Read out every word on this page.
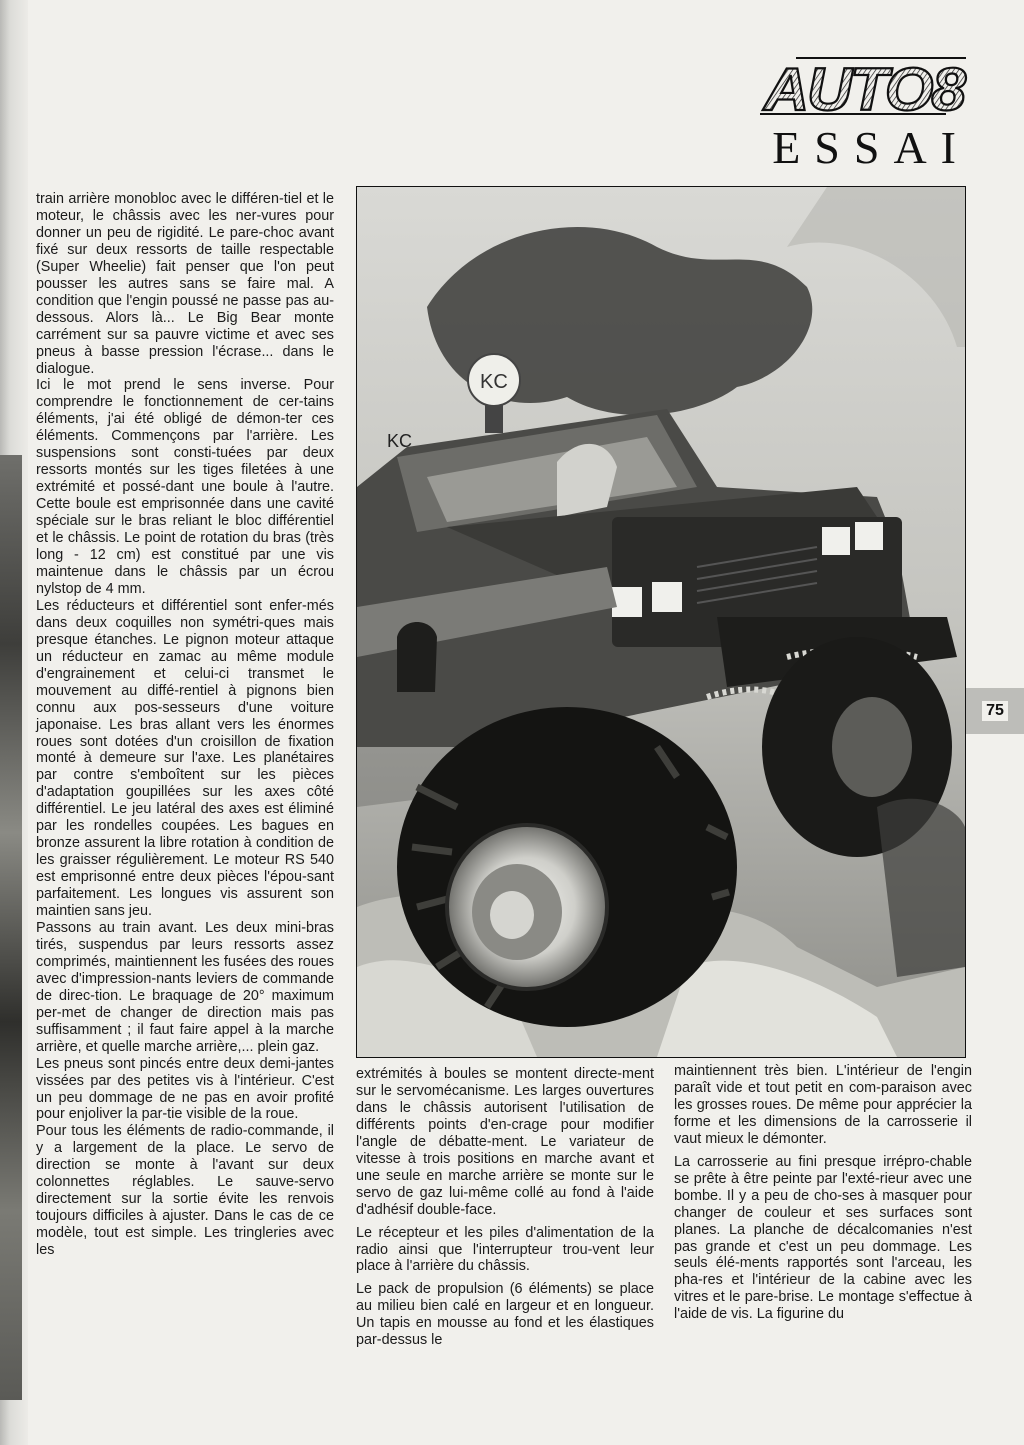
AUTO8
ESSAI

train arrière monobloc avec le différen-tiel et le moteur, le châssis avec les ner-vures pour donner un peu de rigidité. Le pare-choc avant fixé sur deux ressorts de taille respectable (Super Wheelie) fait penser que l'on peut pousser les autres sans se faire mal. A condition que l'engin poussé ne passe pas au-dessous. Alors là... Le Big Bear monte carrément sur sa pauvre victime et avec ses pneus à basse pression l'écrase... dans le dialogue.

Ici le mot prend le sens inverse. Pour comprendre le fonctionnement de cer-tains éléments, j'ai été obligé de démon-ter ces éléments. Commençons par l'arrière. Les suspensions sont consti-tuées par deux ressorts montés sur les tiges filetées à une extrémité et possé-dant une boule à l'autre. Cette boule est emprisonnée dans une cavité spéciale sur le bras reliant le bloc différentiel et le châssis. Le point de rotation du bras (très long - 12 cm) est constitué par une vis maintenue dans le châssis par un écrou nylstop de 4 mm.

Les réducteurs et différentiel sont enfer-més dans deux coquilles non symétri-ques mais presque étanches. Le pignon moteur attaque un réducteur en zamac au même module d'engrainement et celui-ci transmet le mouvement au diffé-rentiel à pignons bien connu aux pos-sesseurs d'une voiture japonaise. Les bras allant vers les énormes roues sont dotées d'un croisillon de fixation monté à demeure sur l'axe. Les planétaires par contre s'emboîtent sur les pièces d'adaptation goupillées sur les axes côté différentiel. Le jeu latéral des axes est éliminé par les rondelles coupées. Les bagues en bronze assurent la libre rotation à condition de les graisser régulièrement. Le moteur RS 540 est emprisonné entre deux pièces l'épou-sant parfaitement. Les longues vis assurent son maintien sans jeu.

Passons au train avant. Les deux mini-bras tirés, suspendus par leurs ressorts assez comprimés, maintiennent les fusées des roues avec d'impression-nants leviers de commande de direc-tion. Le braquage de 20° maximum per-met de changer de direction mais pas suffisamment ; il faut faire appel à la marche arrière, et quelle marche arrière,... plein gaz.

Les pneus sont pincés entre deux demi-jantes vissées par des petites vis à l'intérieur. C'est un peu dommage de ne pas en avoir profité pour enjoliver la par-tie visible de la roue.

Pour tous les éléments de radio-commande, il y a largement de la place. Le servo de direction se monte à l'avant sur deux colonnettes réglables. Le sauve-servo directement sur la sortie évite les renvois toujours difficiles à ajuster. Dans le cas de ce modèle, tout est simple. Les tringleries avec les

KC
KC

extrémités à boules se montent directe-ment sur le servomécanisme. Les larges ouvertures dans le châssis autorisent l'utilisation de différents points d'en-crage pour modifier l'angle de débatte-ment. Le variateur de vitesse à trois positions en marche avant et une seule en marche arrière se monte sur le servo de gaz lui-même collé au fond à l'aide d'adhésif double-face.

Le récepteur et les piles d'alimentation de la radio ainsi que l'interrupteur trou-vent leur place à l'arrière du châssis.

Le pack de propulsion (6 éléments) se place au milieu bien calé en largeur et en longueur. Un tapis en mousse au fond et les élastiques par-dessus le

maintiennent très bien. L'intérieur de l'engin paraît vide et tout petit en com-paraison avec les grosses roues. De même pour apprécier la forme et les dimensions de la carrosserie il vaut mieux le démonter.

La carrosserie au fini presque irrépro-chable se prête à être peinte par l'exté-rieur avec une bombe. Il y a peu de cho-ses à masquer pour changer de couleur et ses surfaces sont planes. La planche de décalcomanies n'est pas grande et c'est un peu dommage. Les seuls élé-ments rapportés sont l'arceau, les pha-res et l'intérieur de la cabine avec les vitres et le pare-brise. Le montage s'effectue à l'aide de vis. La figurine du

75
